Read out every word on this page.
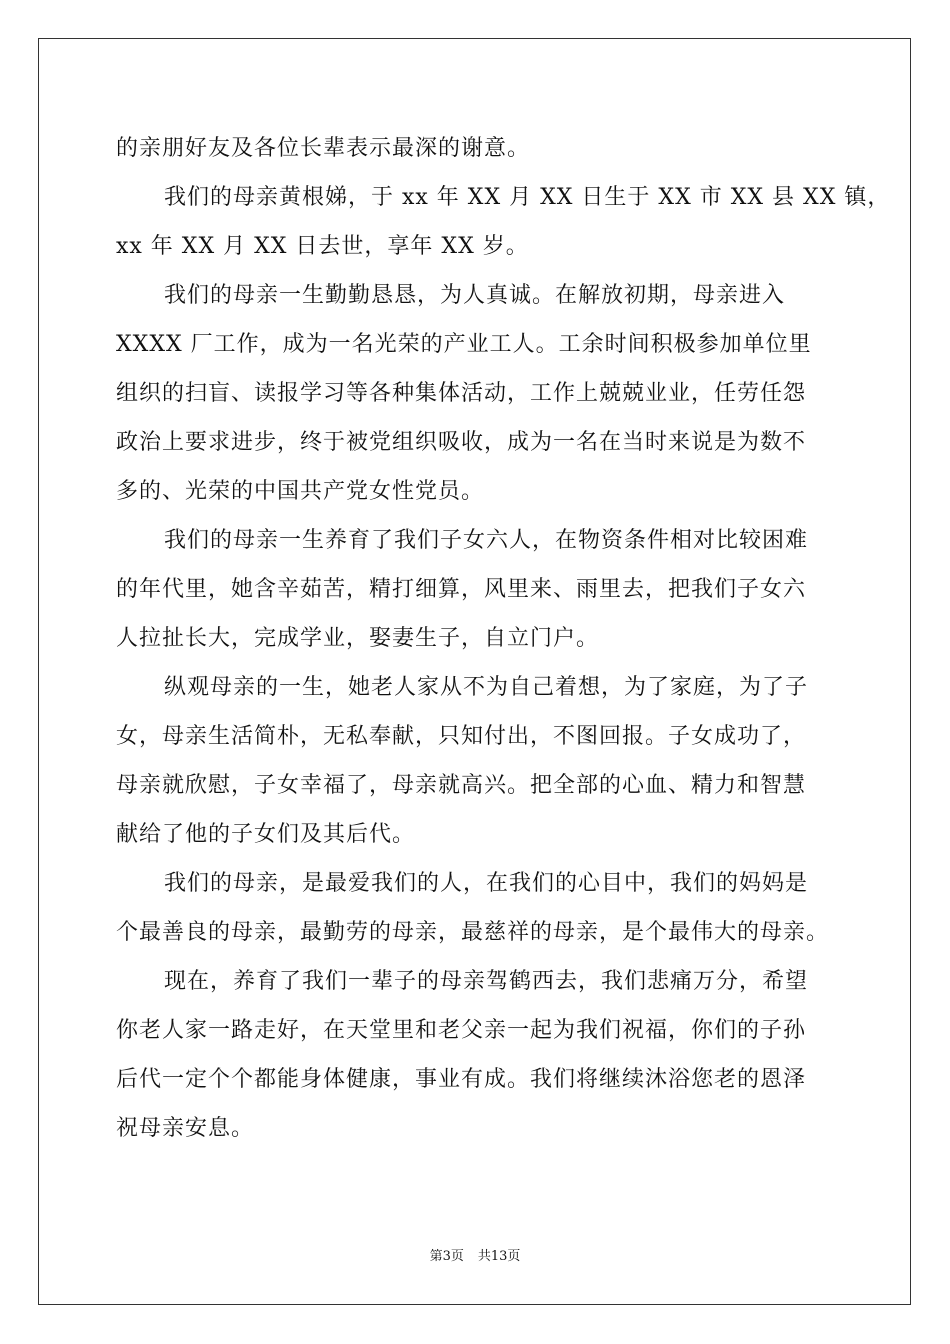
的亲朋好友及各位长辈表示最深的谢意。
我们的母亲黄根娣，于 xx 年 XX 月 XX 日生于 XX 市 XX 县 XX 镇，
xx 年 XX 月 XX 日去世，享年 XX 岁。
我们的母亲一生勤勤恳恳，为人真诚。在解放初期，母亲进入
XXXX 厂工作，成为一名光荣的产业工人。工余时间积极参加单位里
组织的扫盲、读报学习等各种集体活动，工作上兢兢业业，任劳任怨
政治上要求进步，终于被党组织吸收，成为一名在当时来说是为数不
多的、光荣的中国共产党女性党员。
我们的母亲一生养育了我们子女六人，在物资条件相对比较困难
的年代里，她含辛茹苦，精打细算，风里来、雨里去，把我们子女六
人拉扯长大，完成学业，娶妻生子，自立门户。
纵观母亲的一生，她老人家从不为自己着想，为了家庭，为了子
女，母亲生活简朴，无私奉献，只知付出，不图回报。子女成功了，
母亲就欣慰，子女幸福了，母亲就高兴。把全部的心血、精力和智慧
献给了他的子女们及其后代。
我们的母亲，是最爱我们的人，在我们的心目中，我们的妈妈是
个最善良的母亲，最勤劳的母亲，最慈祥的母亲，是个最伟大的母亲。
现在，养育了我们一辈子的母亲驾鹤西去，我们悲痛万分，希望
你老人家一路走好，在天堂里和老父亲一起为我们祝福，你们的子孙
后代一定个个都能身体健康，事业有成。我们将继续沐浴您老的恩泽
祝母亲安息。
第3页 共13页
